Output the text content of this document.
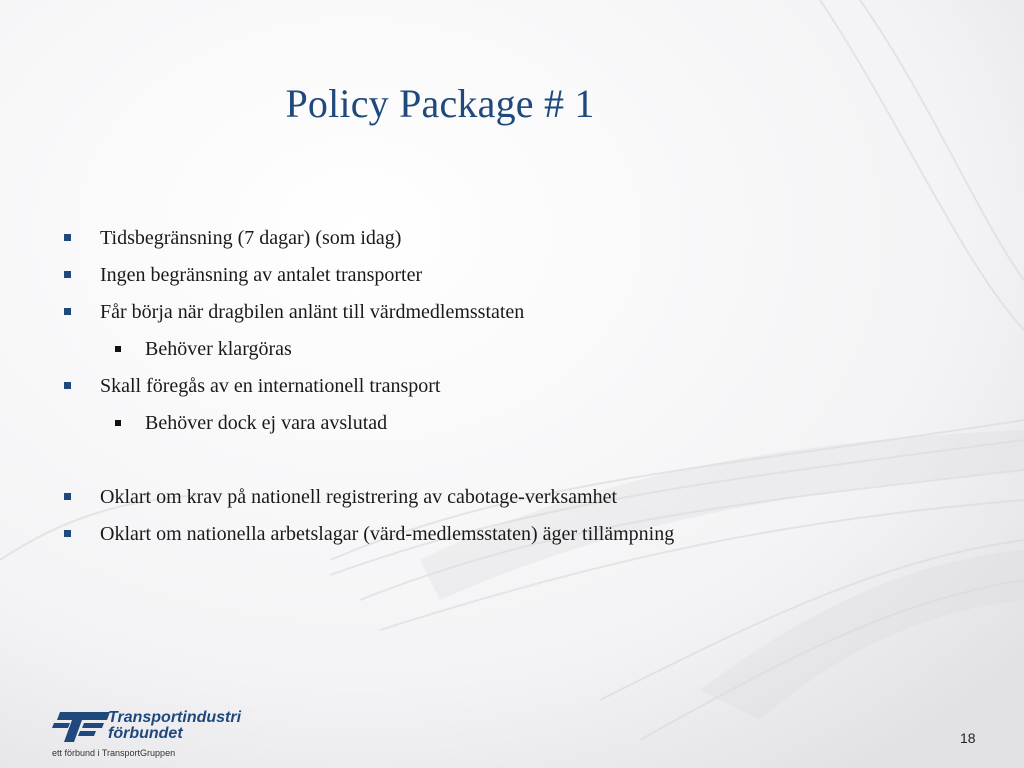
Policy Package # 1
Tidsbegränsning (7 dagar) (som idag)
Ingen begränsning av antalet transporter
Får börja när dragbilen anlänt till värdmedlemsstaten
Behöver klargöras
Skall föregås av en internationell transport
Behöver dock ej vara avslutad
Oklart om krav på nationell registrering av cabotage-verksamhet
Oklart om nationella arbetslagar (värd-medlemsstaten) äger tillämpning
Transportindustri
förbundet
ett förbund i TransportGruppen
18
